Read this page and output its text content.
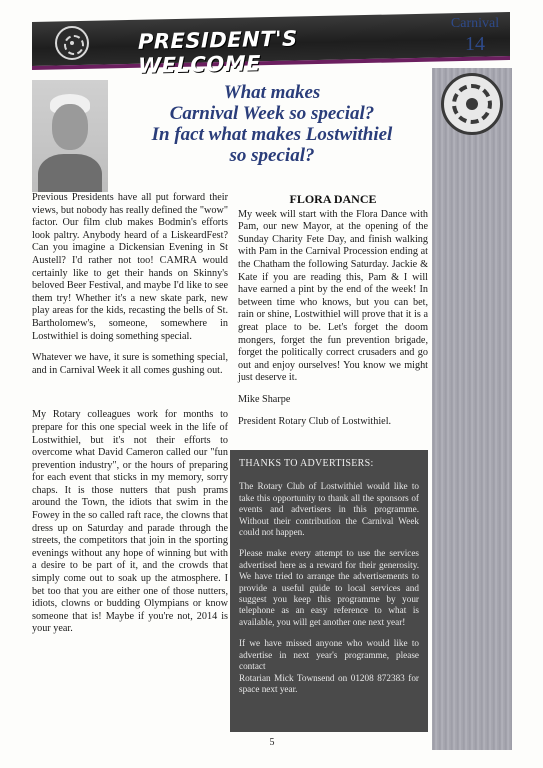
PRESIDENT'S WELCOME
Carnival
14
What makes
Carnival Week so special?
In fact what makes Lostwithiel
so special?

Previous Presidents have all put forward their views, but nobody has really defined the "wow" factor. Our film club makes Bodmin's efforts look paltry. Anybody heard of a LiskeardFest? Can you imagine a Dickensian Evening in St Austell? I'd rather not too! CAMRA would certainly like to get their hands on Skinny's beloved Beer Festival, and maybe I'd like to see them try! Whether it's a new skate park, new play areas for the kids, recasting the bells of St. Bartholomew's, someone, somewhere in Lostwithiel is doing something special.

Whatever we have, it sure is something special, and in Carnival Week it all comes gushing out.

My Rotary colleagues work for months to prepare for this one special week in the life of Lostwithiel, but it's not their efforts to overcome what David Cameron called our "fun prevention industry", or the hours of preparing for each event that sticks in my memory, sorry chaps. It is those nutters that push prams around the Town, the idiots that swim in the Fowey in the so called raft race, the clowns that dress up on Saturday and parade through the streets, the competitors that join in the sporting evenings without any hope of winning but with a desire to be part of it, and the crowds that simply come out to soak up the atmosphere. I bet too that you are either one of those nutters, idiots, clowns or budding Olympians or know someone that is! Maybe if you're not, 2014 is your year.

FLORA DANCE

My week will start with the Flora Dance with Pam, our new Mayor, at the opening of the Sunday Charity Fete Day, and finish walking with Pam in the Carnival Procession ending at the Chatham the following Saturday. Jackie & Kate if you are reading this, Pam & I will have earned a pint by the end of the week! In between time who knows, but you can bet, rain or shine, Lostwithiel will prove that it is a great place to be. Let's forget the doom mongers, forget the fun prevention brigade, forget the politically correct crusaders and go out and enjoy ourselves! You know we might just deserve it.

Mike Sharpe

President Rotary Club of Lostwithiel.

THANKS TO ADVERTISERS:

The Rotary Club of Lostwithiel would like to take this opportunity to thank all the sponsors of events and advertisers in this programme. Without their contribution the Carnival Week could not happen.

Please make every attempt to use the services advertised here as a reward for their generosity. We have tried to arrange the advertisements to provide a useful guide to local services and suggest you keep this programme by your telephone as an easy reference to what is available, you will get another one next year!

If we have missed anyone who would like to advertise in next year's programme, please contact

Rotarian Mick Townsend on 01208 872383 for space next year.

5
